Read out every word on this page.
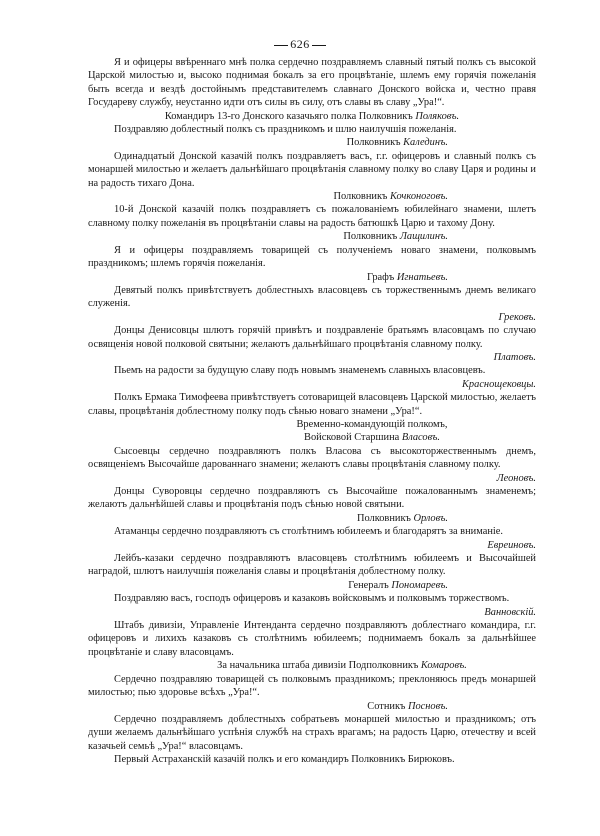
626

Я и офицеры ввѣреннаго мнѣ полка сердечно поздравляемъ славный пятый полкъ съ высокой Царской милостью и, высоко поднимая бокалъ за его процвѣтаніе, шлемъ ему горячія пожеланія быть всегда и вездѣ достойнымъ представителемъ славнаго Донского войска и, честно правя Государеву службу, неустанно идти отъ силы въ силу, отъ славы въ славу „Ура!“.

Командиръ 13-го Донского казачьяго полка Полковникъ Поляковъ.

Поздравляю доблестный полкъ съ праздникомъ и шлю наилучшія пожеланія.

Полковникъ Калединъ.

Одинадцатый Донской казачій полкъ поздравляетъ васъ, г.г. офицеровъ и славный полкъ съ монаршей милостью и желаетъ дальнѣйшаго процвѣтанія славному полку во славу Царя и родины и на радость тихаго Дона.

Полковникъ Кочконоговъ.

10-й Донской казачій полкъ поздравляетъ съ пожалованіемъ юбилейнаго знамени, шлетъ славному полку пожеланія въ процвѣтаніи славы на радость батюшкѣ Царю и тахому Дону.

Полковникъ Лащилинъ.

Я и офицеры поздравляемъ товарищей съ полученіемъ новаго знамени, полковымъ праздникомъ; шлемъ горячія пожеланія.

Графъ Игнатьевъ.

Девятый полкъ привѣтствуетъ доблестныхъ власовцевъ съ торжественнымъ днемъ великаго служенія.

Грековъ.

Донцы Денисовцы шлютъ горячій привѣтъ и поздравленіе братьямъ власовцамъ по случаю освященія новой полковой святыни; желаютъ дальнѣйшаго процвѣтанія славному полку.

Платовъ.

Пьемъ на радости за будущую славу подъ новымъ знаменемъ славныхъ власовцевъ.

Краснощековцы.

Полкъ Ермака Тимофеева привѣтствуетъ сотоварищей власовцевъ Царской милостью, желаетъ славы, процвѣтанія доблестному полку подъ сѣнью новаго знамени „Ура!“.

Временно-командующій полкомъ,

Войсковой Старшина Власовъ.

Сысоевцы сердечно поздравляютъ полкъ Власова съ высокоторжественнымъ днемъ, освященіемъ Высочайше дарованнаго знамени; желаютъ славы процвѣтанія славному полку.

Леоновъ.

Донцы Суворовцы сердечно поздравляютъ съ Высочайше пожалованнымъ знаменемъ; желаютъ дальнѣйшей славы и процвѣтанія подъ сѣнью новой святыни.

Полковникъ Орловъ.

Атаманцы сердечно поздравляютъ съ столѣтнимъ юбилеемъ и благодарятъ за вниманіе.

Евреиновъ.

Лейбъ-казаки сердечно поздравляютъ власовцевъ столѣтнимъ юбилеемъ и Высочайшей наградой, шлютъ наилучшія пожеланія славы и процвѣтанія доблестному полку.

Генералъ Пономаревъ.

Поздравляю васъ, господъ офицеровъ и казаковъ войсковымъ и полковымъ торжествомъ.

Ванновскій.

Штабъ дивизіи, Управленіе Интенданта сердечно поздравляютъ доблестнаго командира, г.г. офицеровъ и лихихъ казаковъ съ столѣтнимъ юбилеемъ; поднимаемъ бокалъ за дальнѣйшее процвѣтаніе и славу власовцамъ.

За начальника штаба дивизіи Подполковникъ Комаровъ.

Сердечно поздравляю товарищей съ полковымъ праздникомъ; преклоняюсь предъ монаршей милостью; пью здоровье всѣхъ „Ура!“.

Сотникъ Посновъ.

Сердечно поздравляемъ доблестныхъ собратьевъ монаршей милостью и праздникомъ; отъ души желаемъ дальнѣйшаго успѣнія службѣ на страхъ врагамъ; на радость Царю, отечеству и всей казачьей семьѣ „Ура!“ власовцамъ.

Первый Астраханскій казачій полкъ и его командиръ Полковникъ Бирюковъ.
